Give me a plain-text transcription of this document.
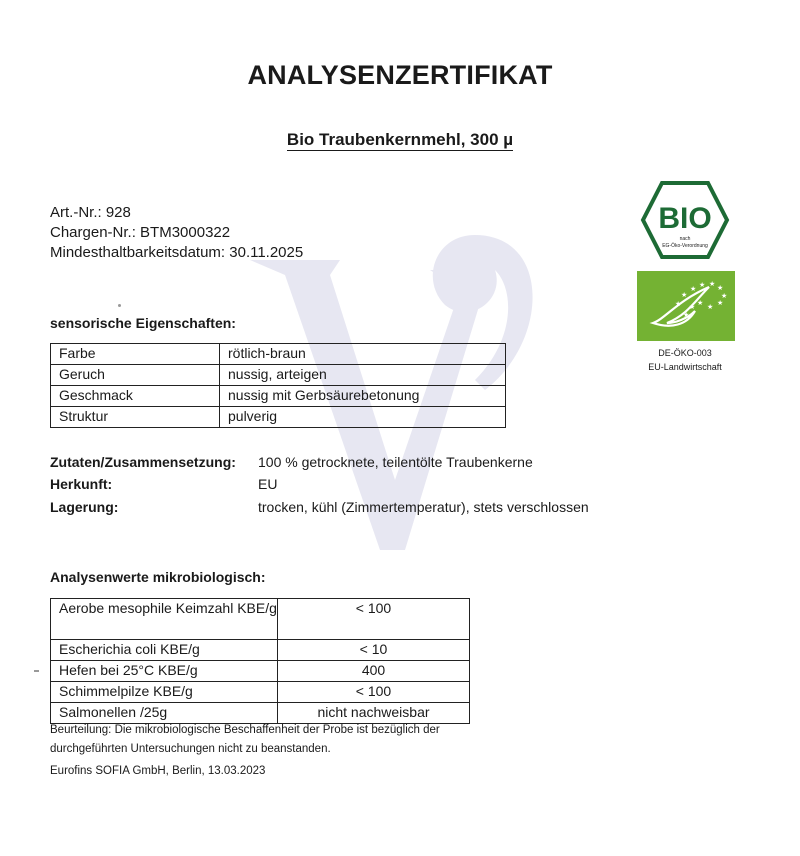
ANALYSENZERTIFIKAT
Bio Traubenkernmehl, 300 µ
Art.-Nr.: 928
Chargen-Nr.: BTM3000322
Mindesthaltbarkeitsdatum: 30.11.2025
sensorische Eigenschaften:
Farbe	rötlich-braun
Geruch	nussig, arteigen
Geschmack	nussig mit Gerbsäurebetonung
Struktur	pulverig
Zutaten/Zusammensetzung: 100 % getrocknete, teilentölte Traubenkerne
Herkunft:	EU
Lagerung:	trocken, kühl (Zimmertemperatur), stets verschlossen
Analysenwerte mikrobiologisch:
Aerobe mesophile Keimzahl KBE/g	< 100
Escherichia coli KBE/g	< 10
Hefen bei 25°C KBE/g	400
Schimmelpilze KBE/g	< 100
Salmonellen /25g	nicht nachweisbar
Beurteilung: Die mikrobiologische Beschaffenheit der Probe ist bezüglich der
durchgeführten Untersuchungen nicht zu beanstanden.
Eurofins SOFIA GmbH, Berlin, 13.03.2023
BIO
nach
EG-Öko-Verordnung
★
★ ★ ★ ★
★
★
★
★
★
★
★
DE-ÖKO-003
EU-Landwirtschaft
